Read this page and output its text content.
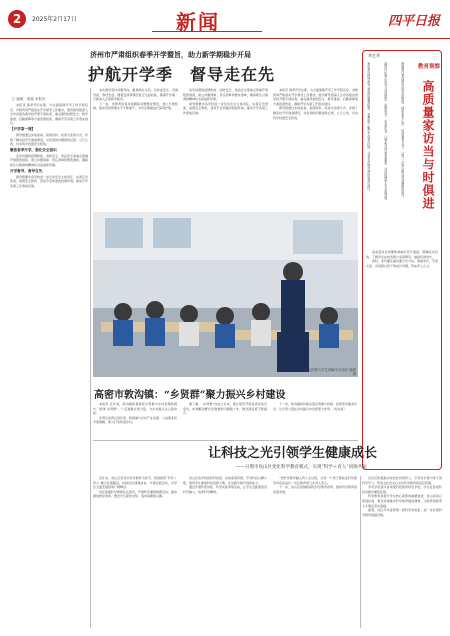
2	2025年2月17日	新闻	四平日报
济州市严肃组织春季开学暨旨，助力新学期稳步开局
护航开学季　督导走在先
□ 融媒 · 胡晶 本报讯

本报讯 春季开学在即，为全面保障开学工作平稳有序，市教育局严格落实开学督导工作要求，组织督导组深入全市各级各类学校开展专项检查，重点围绕校园安全、教学准备、后勤保障等方面逐项核查，确保开学各项工作落实到位。

【开学第一课】

督导组通过实地查看、查阅资料、座谈交流等方式，详细了解各校开学准备情况，对发现的问题现场反馈、立行立改，切实筑牢校园安全防线。

聚焦春季开学，强化安全意识

各学校围绕疫情防控、消防安全、食品安全等重点领域开展隐患排查，建立问题清单、责任清单和整改清单，确保师生以饱满的精神状态迎接新学期。

开学督导，督导在先

督导组要求各学校进一步压实安全主体责任，完善应急预案，加强安全教育，营造平安和谐的校园环境，推动开学各项工作落地见效。

本次督导坚持问题导向，聚焦师生关切，对校舍安全、设施设备、教材发放、课程安排等情况进行全面检查，确保开学第一天就进入正常教学秩序。

下一步，市教育局将持续跟踪问题整改情况，建立长效机制，推动学校管理水平不断提升，为学生健康成长保驾护航。

各学校围绕疫情防控、消防安全、食品安全等重点领域开展隐患排查，建立问题清单、责任清单和整改清单，确保师生以饱满的精神状态迎接新学期。

督导组要求各学校进一步压实安全主体责任，完善应急预案，加强安全教育，营造平安和谐的校园环境，推动开学各项工作落地见效。

本报讯 春季开学在即，为全面保障开学工作平稳有序，市教育局严格落实开学督导工作要求，组织督导组深入全市各级各类学校开展专项检查，重点围绕校园安全、教学准备、后勤保障等方面逐项核查，确保开学各项工作落实到位。

督导组通过实地查看、查阅资料、座谈交流等方式，详细了解各校开学准备情况，对发现的问题现场反馈、立行立改，切实筑牢校园安全防线。

图为民警为学生讲解安全知识 融媒 摄
李艺华
教育观察
高质量家访当与时俱进
家访是连接学校与家庭的重要纽带，是教师了解学生成长环境、与家长沟通交流的有效途径。	新时代的家访应当与时俱进，创新形式、丰富内容，让家校合作更加紧密，共同促进学生全面发展。	教师要以真诚的态度走进家庭，倾听家长心声，形成教育合力，让每一次家访都成为温暖的陪伴。

高质量家访需要教师做好充分准备，明确家访目的，了解学生在校表现与家庭情况，做到有的放矢。

同时，家访要注重沟通方式方法，尊重家长，平等交流，共同探讨孩子的成长问题，形成育人合力。

高密市敦沟镇：“乡贤群”聚力振兴乡村建设

本报讯 近年来，敦沟镇积极探索乡贤参与乡村治理新模式，组建“乡贤群”，广泛凝聚乡贤力量，为乡村振兴注入新动能。

乡贤们发挥自身优势，积极参与乡村产业发展、公益事业和矛盾调解，助力打造和美乡村。

据了解，“乡贤群”自成立以来，累计组织开展各类活动百余次，协调解决群众急难愁盼问题数十件，群众满意度不断提升。

下一步，敦沟镇将持续完善乡贤参与机制，搭建更多服务平台，让乡贤力量在乡村振兴中发挥更大作用。（刘文斌）

让科技之光引领学生健康成长
——日照市岚山区优化科学教育模式，实现“科学＋育人”同频共振

近年来，岚山区坚持以科学教育为抓手，积极探索“科学＋育人”融合发展路径，持续优化课程体系，丰富实践活动，为学生全面发展搭建广阔舞台。

该区加强科学教师队伍建设，开展科学课程教研活动，推动课堂教学改革，激发学生探索未知、追求真理的兴趣。

岚山区各学校依托科技馆、实验室等资源，开设科技兴趣小组，组织学生参加科技创新大赛，在实践中提升创新能力。

通过开展科普讲座、科学实验秀等活动，让学生近距离感受科学魅力，培养科学精神。

“把科学教育融入育人全过程，让每一个孩子都能在科学探究中收获成长。”该区教育部门负责人表示。

下一步，岚山区将继续深化科学教育改革，推动科学教育高质量发展。

该区还积极推动家校社协同育人，引导家长参与孩子的科学学习，营造全社会关心支持科学教育的良好氛围。

多所学校获评省市级科技教育特色学校，学生在各级科技竞赛中屡获佳绩。

科学教育是提升学生核心素养的重要途径，岚山区将以更高标准、更实举措推动科学教育提质增效，为培养创新型人才奠定坚实基础。

据悉，该区今年将新建一批科学实验室，进一步完善科学教育基础设施。
